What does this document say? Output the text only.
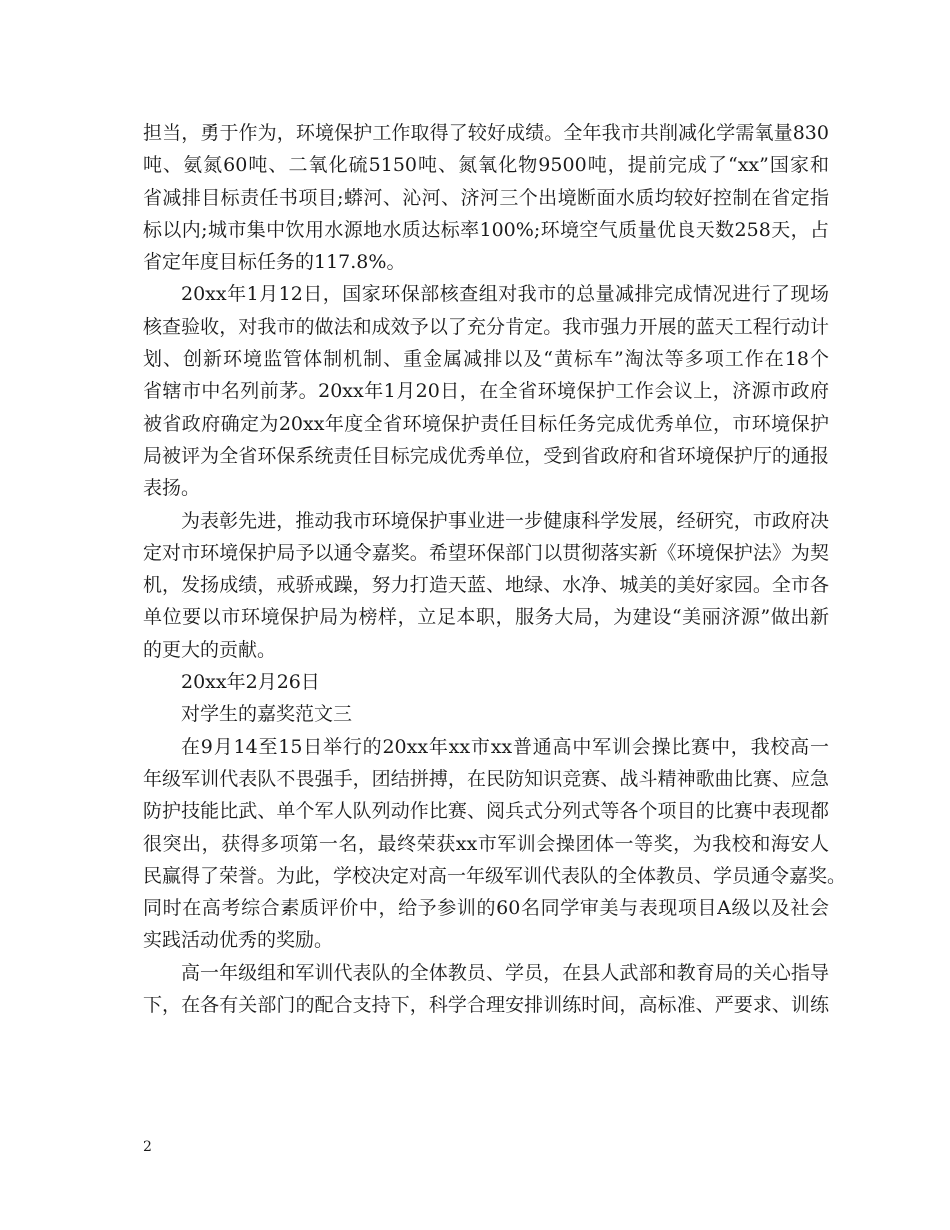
担当，勇于作为，环境保护工作取得了较好成绩。全年我市共削减化学需氧量830
吨、氨氮60吨、二氧化硫5150吨、氮氧化物9500吨，提前完成了“xx”国家和
省减排目标责任书项目;蟒河、沁河、济河三个出境断面水质均较好控制在省定指
标以内;城市集中饮用水源地水质达标率100%;环境空气质量优良天数258天，占
省定年度目标任务的117.8%。
20xx年1月12日，国家环保部核查组对我市的总量减排完成情况进行了现场
核查验收，对我市的做法和成效予以了充分肯定。我市强力开展的蓝天工程行动计
划、创新环境监管体制机制、重金属减排以及“黄标车”淘汰等多项工作在18个
省辖市中名列前茅。20xx年1月20日，在全省环境保护工作会议上，济源市政府
被省政府确定为20xx年度全省环境保护责任目标任务完成优秀单位，市环境保护
局被评为全省环保系统责任目标完成优秀单位，受到省政府和省环境保护厅的通报
表扬。
为表彰先进，推动我市环境保护事业进一步健康科学发展，经研究，市政府决
定对市环境保护局予以通令嘉奖。希望环保部门以贯彻落实新《环境保护法》为契
机，发扬成绩，戒骄戒躁，努力打造天蓝、地绿、水净、城美的美好家园。全市各
单位要以市环境保护局为榜样，立足本职，服务大局，为建设“美丽济源”做出新
的更大的贡献。
20xx年2月26日
对学生的嘉奖范文三
在9月14至15日举行的20xx年xx市xx普通高中军训会操比赛中，我校高一
年级军训代表队不畏强手，团结拼搏，在民防知识竞赛、战斗精神歌曲比赛、应急
防护技能比武、单个军人队列动作比赛、阅兵式分列式等各个项目的比赛中表现都
很突出，获得多项第一名，最终荣获xx市军训会操团体一等奖，为我校和海安人
民赢得了荣誉。为此，学校决定对高一年级军训代表队的全体教员、学员通令嘉奖。
同时在高考综合素质评价中，给予参训的60名同学审美与表现项目A级以及社会
实践活动优秀的奖励。
高一年级组和军训代表队的全体教员、学员，在县人武部和教育局的关心指导
下，在各有关部门的配合支持下，科学合理安排训练时间，高标准、严要求、训练
2
